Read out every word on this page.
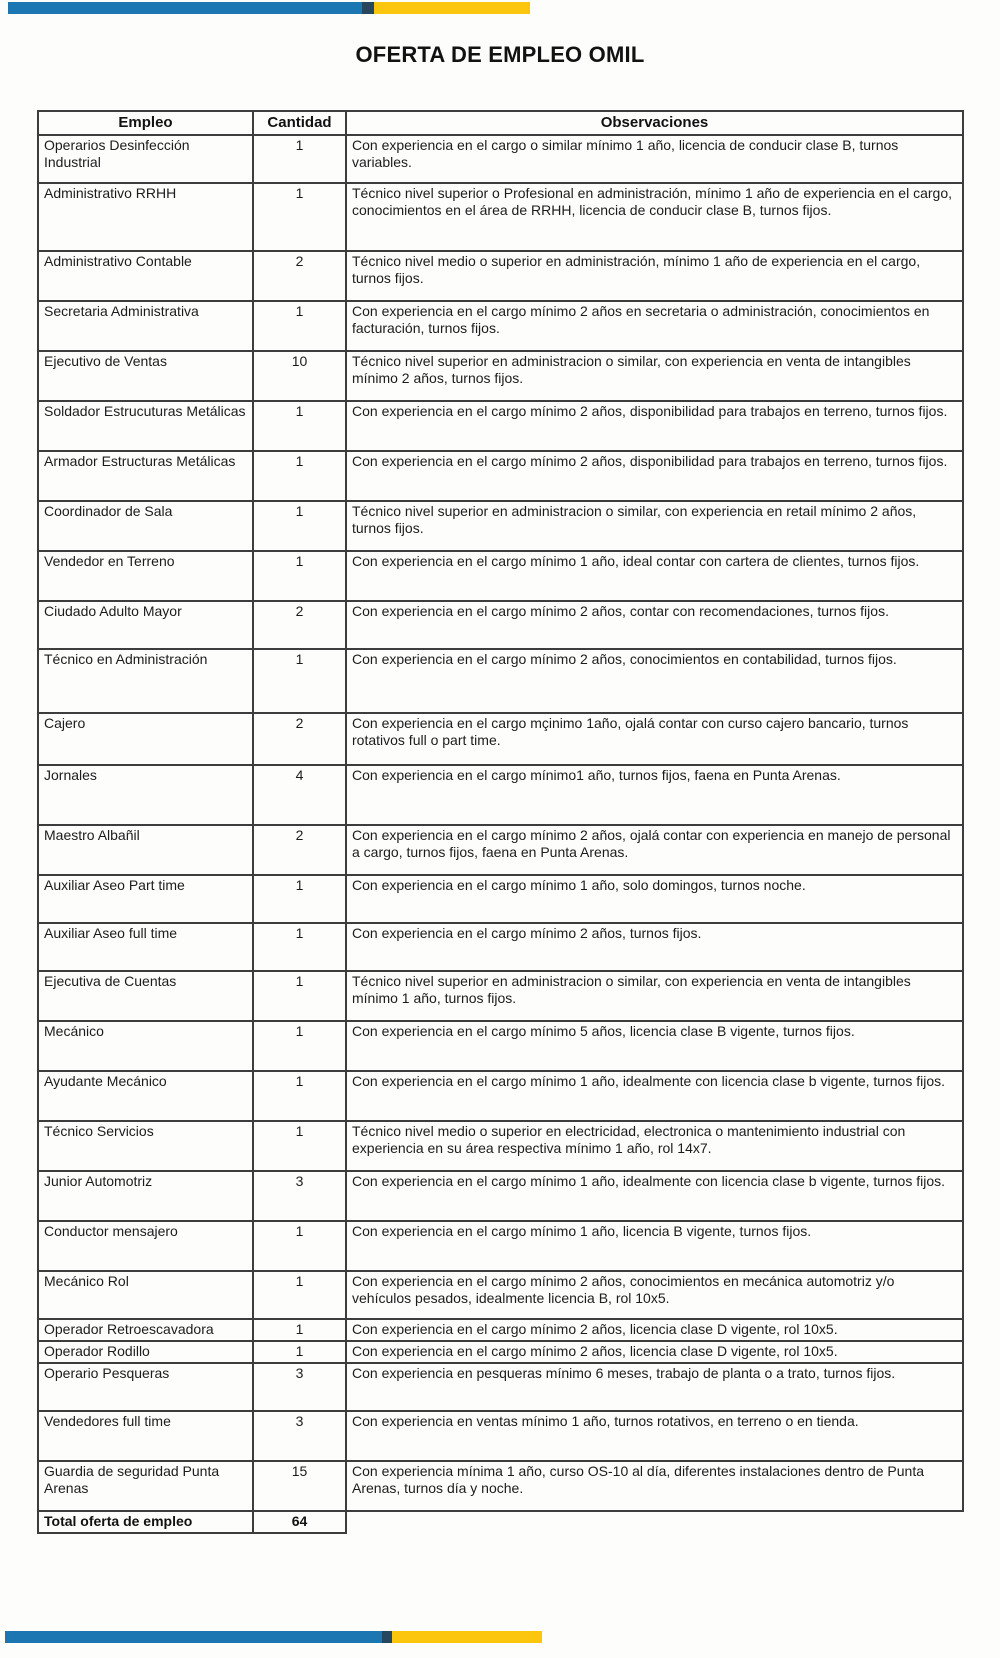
OFERTA DE EMPLEO OMIL
Empleo	Cantidad	Observaciones
Operarios Desinfección Industrial	1	Con experiencia en el cargo o similar mínimo 1 año, licencia de conducir clase B, turnos variables.
Administrativo RRHH	1	Técnico nivel superior o Profesional en administración, mínimo 1 año de experiencia en el cargo, conocimientos en el área de RRHH, licencia de conducir clase B, turnos fijos.
Administrativo Contable	2	Técnico nivel medio o superior en administración, mínimo 1 año de experiencia en el cargo, turnos fijos.
Secretaria Administrativa	1	Con experiencia en el cargo mínimo 2 años en secretaria o administración, conocimientos en facturación, turnos fijos.
Ejecutivo de Ventas	10	Técnico nivel superior en administracion o similar, con experiencia en venta de intangibles mínimo 2 años, turnos fijos.
Soldador Estrucuturas Metálicas	1	Con experiencia en el cargo mínimo 2 años, disponibilidad para trabajos en terreno, turnos fijos.
Armador Estructuras Metálicas	1	Con experiencia en el cargo mínimo 2 años, disponibilidad para trabajos en terreno, turnos fijos.
Coordinador de Sala	1	Técnico nivel superior en administracion o similar, con experiencia en retail mínimo 2 años, turnos fijos.
Vendedor en Terreno	1	Con experiencia en el cargo mínimo 1 año, ideal contar con cartera de clientes, turnos fijos.
Ciudado Adulto Mayor	2	Con experiencia en el cargo mínimo 2 años, contar con recomendaciones, turnos fijos.
Técnico en Administración	1	Con experiencia en el cargo mínimo 2 años, conocimientos en contabilidad, turnos fijos.
Cajero	2	Con experiencia en el cargo mçinimo 1año, ojalá contar con curso cajero bancario, turnos rotativos full o part time.
Jornales	4	Con experiencia en el cargo mínimo1 año, turnos fijos, faena en Punta Arenas.
Maestro Albañil	2	Con experiencia en el cargo mínimo 2 años, ojalá contar con experiencia en manejo de personal a cargo, turnos fijos, faena en Punta Arenas.
Auxiliar Aseo Part time	1	Con experiencia en el cargo mínimo 1 año, solo domingos, turnos noche.
Auxiliar Aseo full time	1	Con experiencia en el cargo mínimo 2 años, turnos fijos.
Ejecutiva de Cuentas	1	Técnico nivel superior en administracion o similar, con experiencia en venta de intangibles mínimo 1 año, turnos fijos.
Mecánico	1	Con experiencia en el cargo mínimo 5 años, licencia clase B vigente, turnos fijos.
Ayudante Mecánico	1	Con experiencia en el cargo mínimo 1 año, idealmente con licencia clase b vigente, turnos fijos.
Técnico Servicios	1	Técnico nivel medio o superior en electricidad, electronica o mantenimiento industrial con experiencia en su área respectiva mínimo 1 año, rol 14x7.
Junior Automotriz	3	Con experiencia en el cargo mínimo 1 año, idealmente con licencia clase b vigente, turnos fijos.
Conductor mensajero	1	Con experiencia en el cargo mínimo 1 año, licencia B vigente, turnos fijos.
Mecánico Rol	1	Con experiencia en el cargo mínimo 2 años, conocimientos en mecánica automotriz y/o vehículos pesados, idealmente licencia B, rol 10x5.
Operador Retroescavadora	1	Con experiencia en el cargo mínimo 2 años, licencia clase D vigente, rol 10x5.
Operador Rodillo	1	Con experiencia en el cargo mínimo 2 años, licencia clase D vigente, rol 10x5.
Operario Pesqueras	3	Con experiencia en pesqueras mínimo 6 meses, trabajo de planta o a trato, turnos fijos.
Vendedores full time	3	Con experiencia en ventas mínimo 1 año, turnos rotativos, en terreno o en tienda.
Guardia de seguridad Punta Arenas	15	Con experiencia mínima 1 año, curso OS-10 al día, diferentes instalaciones dentro de Punta Arenas, turnos día y noche.
Total oferta de empleo	64	
